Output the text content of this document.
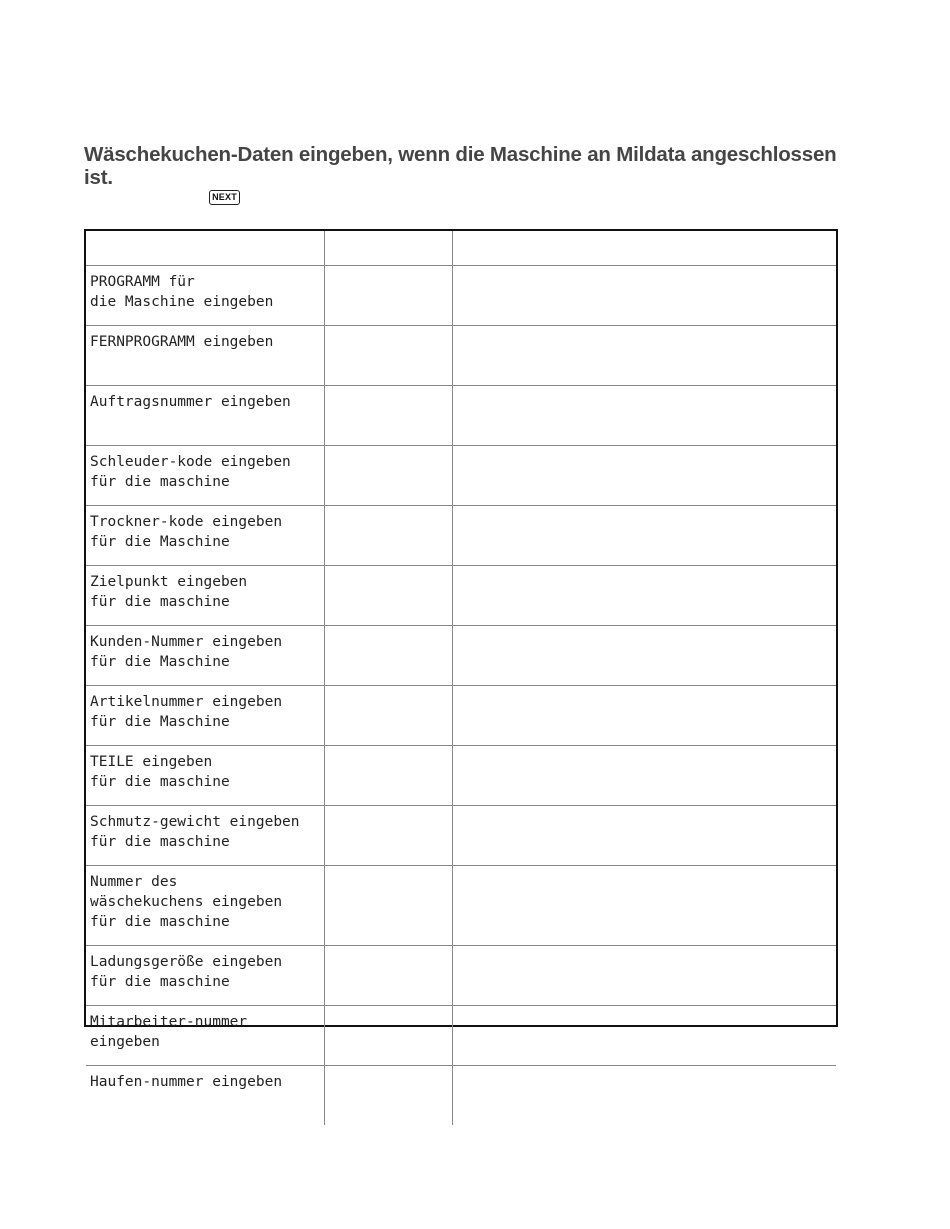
Wäschekuchen-Daten eingeben, wenn die Maschine an Mildata angeschlossen ist.
NEXT

PROGRAMM für
die Maschine eingeben		
FERNPROGRAMM eingeben		
Auftragsnummer eingeben		
Schleuder-kode eingeben
für die maschine		
Trockner-kode eingeben
für die Maschine		
Zielpunkt eingeben
für die maschine		
Kunden-Nummer eingeben
für die Maschine		
Artikelnummer eingeben
für die Maschine		
TEILE eingeben
für die maschine		
Schmutz-gewicht eingeben
für die maschine		
Nummer des
wäschekuchens eingeben
für die maschine		
Ladungsgeröße eingeben
für die maschine		
Mitarbeiter-nummer
eingeben		
Haufen-nummer eingeben		
